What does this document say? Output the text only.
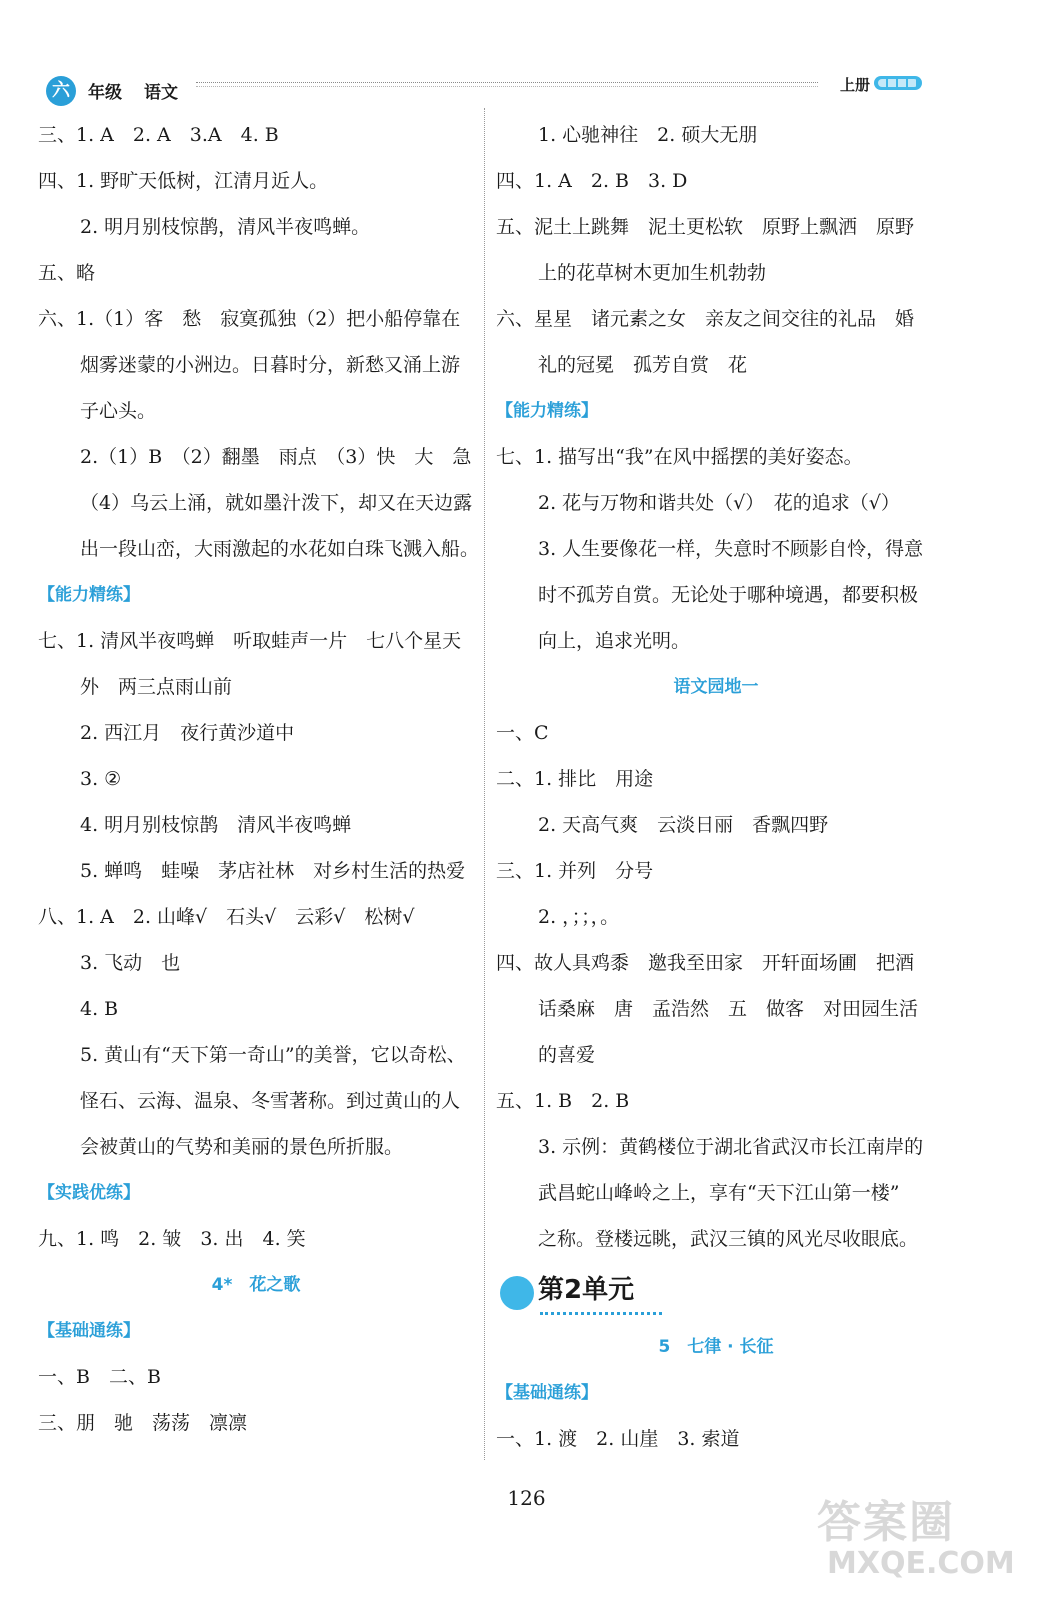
六	年级 语文	上册
三、1. A　2. A　3.A　4. B
四、1. 野旷天低树，江清月近人。
2. 明月别枝惊鹊，清风半夜鸣蝉。
五、略
六、1.（1）客　愁　寂寞孤独（2）把小船停靠在
烟雾迷蒙的小洲边。日暮时分，新愁又涌上游
子心头。
2.（1）B　（2）翻墨　雨点　（3）快　大　急
（4）乌云上涌，就如墨汁泼下，却又在天边露
出一段山峦，大雨激起的水花如白珠飞溅入船。
【能力精练】
七、1. 清风半夜鸣蝉　听取蛙声一片　七八个星天
外　两三点雨山前
2. 西江月　夜行黄沙道中
3. ②
4. 明月别枝惊鹊　清风半夜鸣蝉
5. 蝉鸣　蛙噪　茅店社林　对乡村生活的热爱
八、1. A　2. 山峰√　石头√　云彩√　松树√
3. 飞动　也
4. B
5. 黄山有“天下第一奇山”的美誉，它以奇松、
怪石、云海、温泉、冬雪著称。到过黄山的人
会被黄山的气势和美丽的景色所折服。
【实践优练】
九、1. 鸣　2. 皱　3. 出　4. 笑
4*　花之歌
【基础通练】
一、B　二、B
三、朋　驰　荡荡　凛凛
1. 心驰神往　2. 硕大无朋
四、1. A　2. B　3. D
五、泥土上跳舞　泥土更松软　原野上飘洒　原野
上的花草树木更加生机勃勃
六、星星　诸元素之女　亲友之间交往的礼品　婚
礼的冠冕　孤芳自赏　花
【能力精练】
七、1. 描写出“我”在风中摇摆的美好姿态。
2. 花与万物和谐共处（√）　花的追求（√）
3. 人生要像花一样，失意时不顾影自怜，得意
时不孤芳自赏。无论处于哪种境遇，都要积极
向上，追求光明。
语文园地一
一、C
二、1. 排比　用途
2. 天高气爽　云淡日丽　香飘四野
三、1. 并列　分号
2. ，；；，。
四、故人具鸡黍　邀我至田家　开轩面场圃　把酒
话桑麻　唐　孟浩然　五　做客　对田园生活
的喜爱
五、1. B　2. B
3. 示例：黄鹤楼位于湖北省武汉市长江南岸的
武昌蛇山峰岭之上，享有“天下江山第一楼”
之称。登楼远眺，武汉三镇的风光尽收眼底。
第2单元
5　七律 · 长征
【基础通练】
一、1. 渡　2. 山崖　3. 索道
126	答案圈
MXQE.COM
